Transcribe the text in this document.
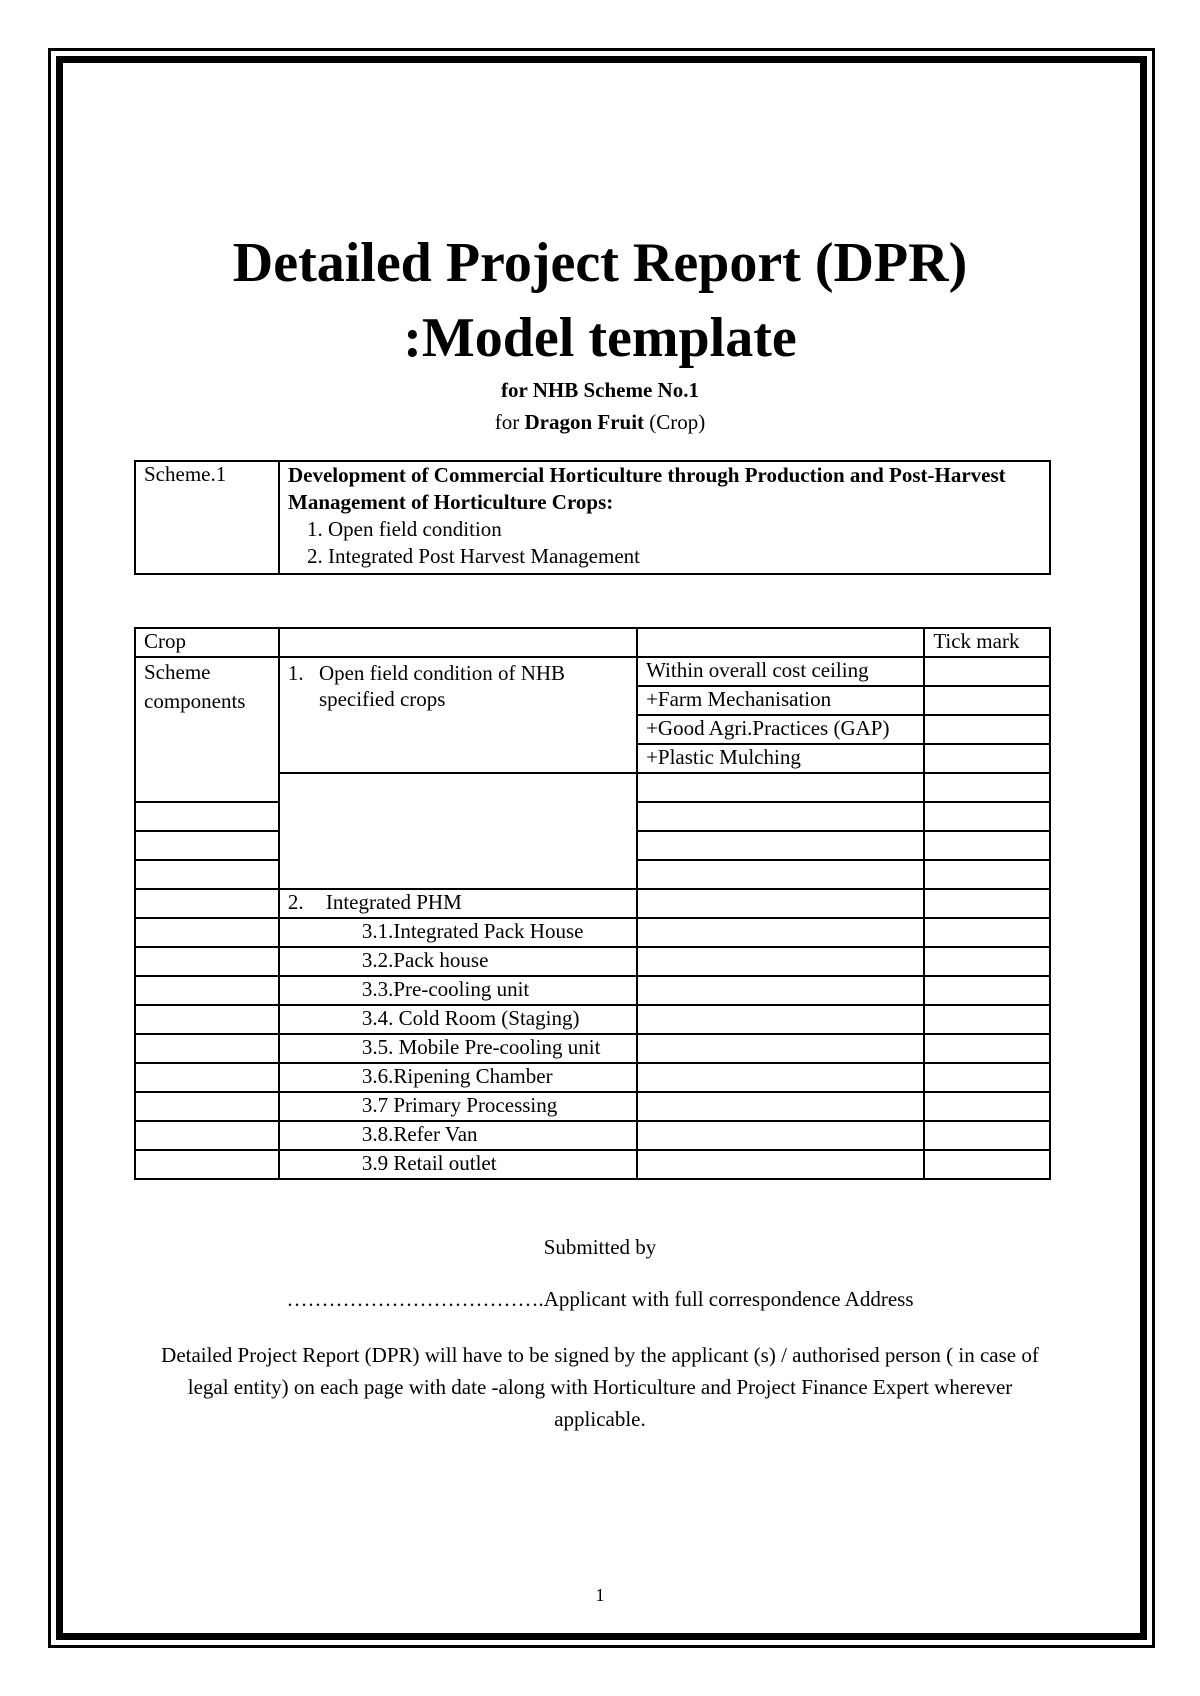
Detailed Project Report (DPR)
:Model template
for NHB Scheme No.1
for Dragon Fruit (Crop)
Scheme.1	Development of Commercial Horticulture through Production and Post-Harvest Management of Horticulture Crops:
1. Open field condition
2. Integrated Post Harvest Management
Crop			Tick mark
Scheme components	1. Open field condition of NHB specified crops	Within overall cost ceiling	
		+Farm Mechanisation	
		+Good Agri.Practices (GAP)	
		+Plastic Mulching	

	2. Integrated PHM		

	3.1.Integrated Pack House		
	3.2.Pack house		
	3.3.Pre-cooling unit		
	3.4. Cold Room (Staging)		
	3.5. Mobile Pre-cooling unit		
	3.6.Ripening Chamber		
	3.7 Primary Processing		
	3.8.Refer Van		
	3.9 Retail outlet		
Submitted by
……………………………….Applicant with full correspondence Address
Detailed Project Report (DPR) will have to be signed by the applicant (s) / authorised person ( in case of legal entity) on each page with date -along with Horticulture and Project Finance Expert wherever applicable.
1
